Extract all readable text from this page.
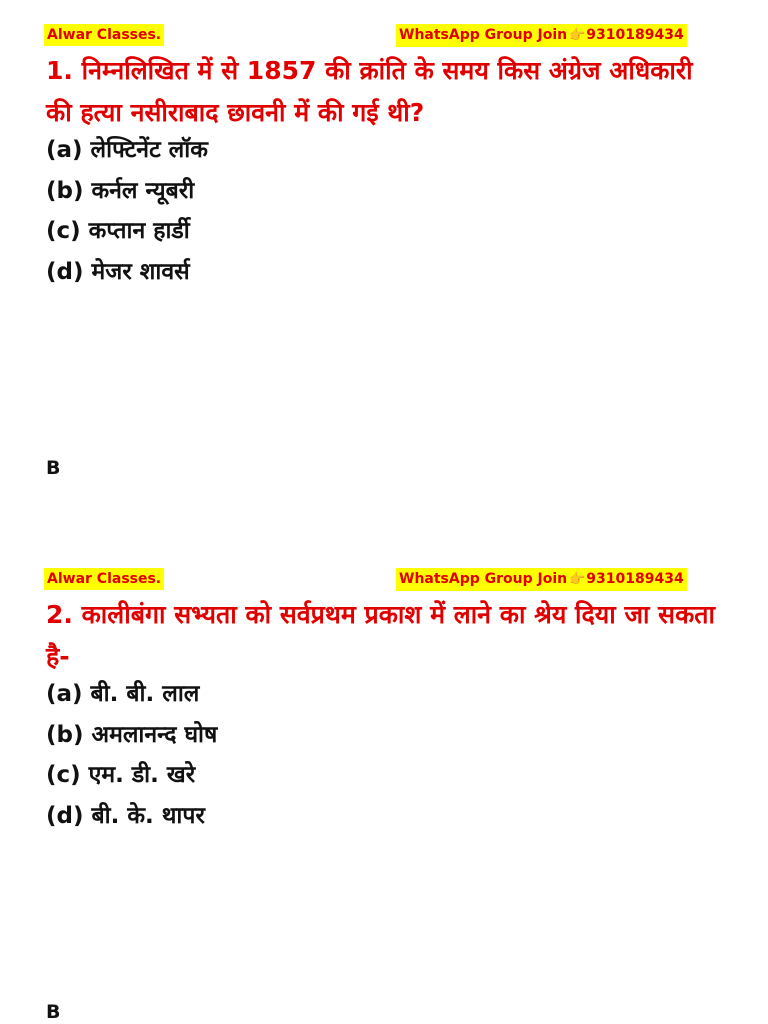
Alwar Classes.	WhatsApp Group Join 👉9310189434
1. निम्नलिखित में से 1857 की क्रांति के समय किस अंग्रेज अधिकारी की हत्या नसीराबाद छावनी में की गई थी?
(a) लेफ्टिनेंट लॉक
(b) कर्नल न्यूबरी
(c) कप्तान हार्डी
(d) मेजर शावर्स
B
Alwar Classes.	WhatsApp Group Join 👉9310189434
2. कालीबंगा सभ्यता को सर्वप्रथम प्रकाश में लाने का श्रेय दिया जा सकता है-
(a) बी. बी. लाल
(b) अमलानन्द घोष
(c) एम. डी. खरे
(d) बी. के. थापर
B
